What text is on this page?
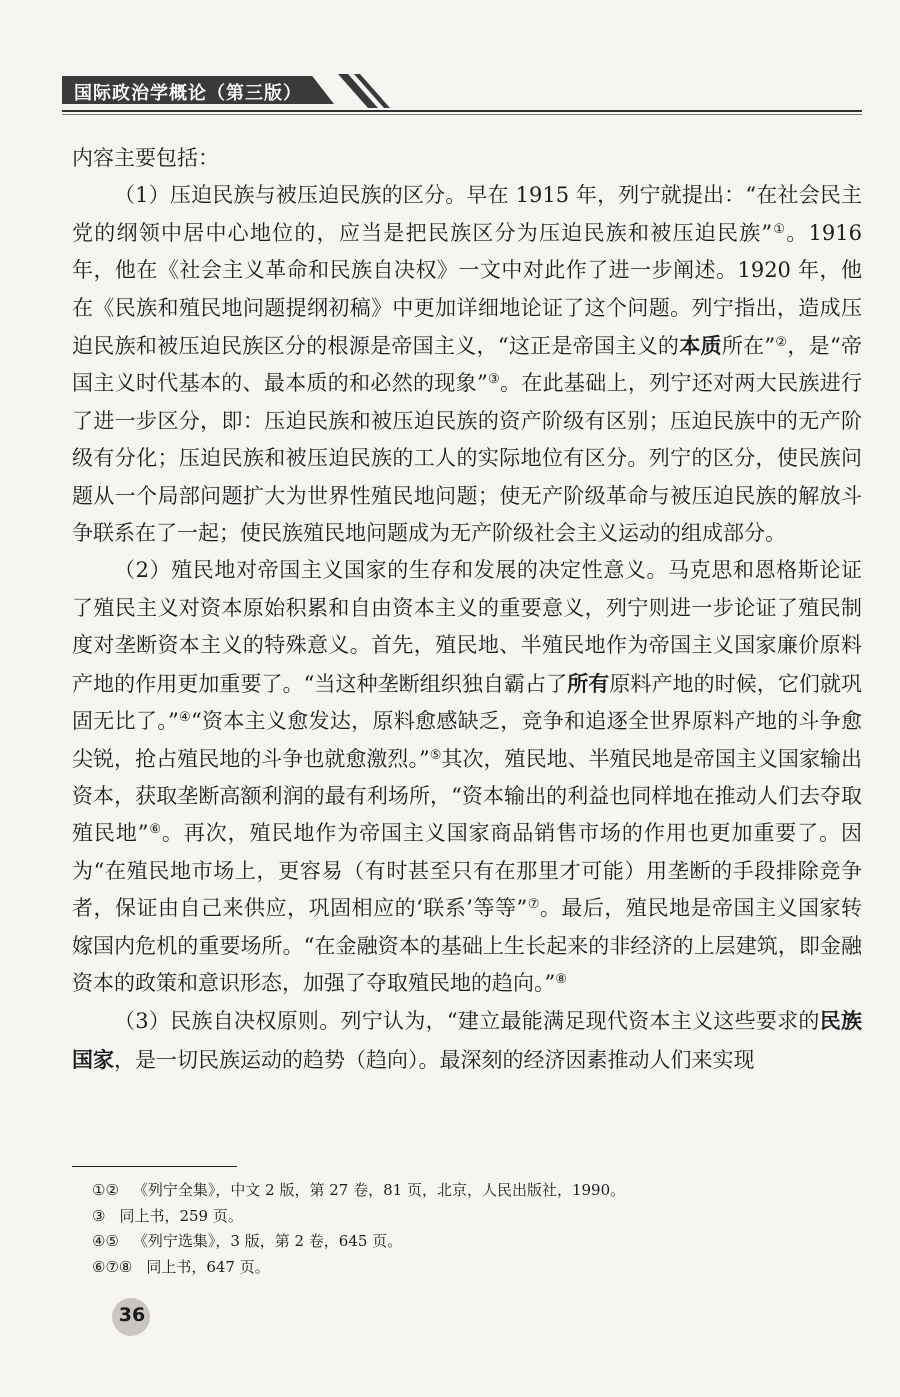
国际政治学概论（第三版）

内容主要包括：

（1）压迫民族与被压迫民族的区分。早在 1915 年，列宁就提出：“在社会民主党的纲领中居中心地位的，应当是把民族区分为压迫民族和被压迫民族”①。1916 年，他在《社会主义革命和民族自决权》一文中对此作了进一步阐述。1920 年，他在《民族和殖民地问题提纲初稿》中更加详细地论证了这个问题。列宁指出，造成压迫民族和被压迫民族区分的根源是帝国主义，“这正是帝国主义的本质所在”②，是“帝国主义时代基本的、最本质的和必然的现象”③。在此基础上，列宁还对两大民族进行了进一步区分，即：压迫民族和被压迫民族的资产阶级有区别；压迫民族中的无产阶级有分化；压迫民族和被压迫民族的工人的实际地位有区分。列宁的区分，使民族问题从一个局部问题扩大为世界性殖民地问题；使无产阶级革命与被压迫民族的解放斗争联系在了一起；使民族殖民地问题成为无产阶级社会主义运动的组成部分。

（2）殖民地对帝国主义国家的生存和发展的决定性意义。马克思和恩格斯论证了殖民主义对资本原始积累和自由资本主义的重要意义，列宁则进一步论证了殖民制度对垄断资本主义的特殊意义。首先，殖民地、半殖民地作为帝国主义国家廉价原料产地的作用更加重要了。“当这种垄断组织独自霸占了所有原料产地的时候，它们就巩固无比了。”④“资本主义愈发达，原料愈感缺乏，竞争和追逐全世界原料产地的斗争愈尖锐，抢占殖民地的斗争也就愈激烈。”⑤其次，殖民地、半殖民地是帝国主义国家输出资本，获取垄断高额利润的最有利场所，“资本输出的利益也同样地在推动人们去夺取殖民地”⑥。再次，殖民地作为帝国主义国家商品销售市场的作用也更加重要了。因为“在殖民地市场上，更容易（有时甚至只有在那里才可能）用垄断的手段排除竞争者，保证由自己来供应，巩固相应的‘联系’等等”⑦。最后，殖民地是帝国主义国家转嫁国内危机的重要场所。“在金融资本的基础上生长起来的非经济的上层建筑，即金融资本的政策和意识形态，加强了夺取殖民地的趋向。”⑧

（3）民族自决权原则。列宁认为，“建立最能满足现代资本主义这些要求的民族国家，是一切民族运动的趋势（趋向）。最深刻的经济因素推动人们来实现

①② 《列宁全集》，中文 2 版，第 27 卷，81 页，北京，人民出版社，1990。
③ 同上书，259 页。
④⑤ 《列宁选集》，3 版，第 2 卷，645 页。
⑥⑦⑧ 同上书，647 页。
36
